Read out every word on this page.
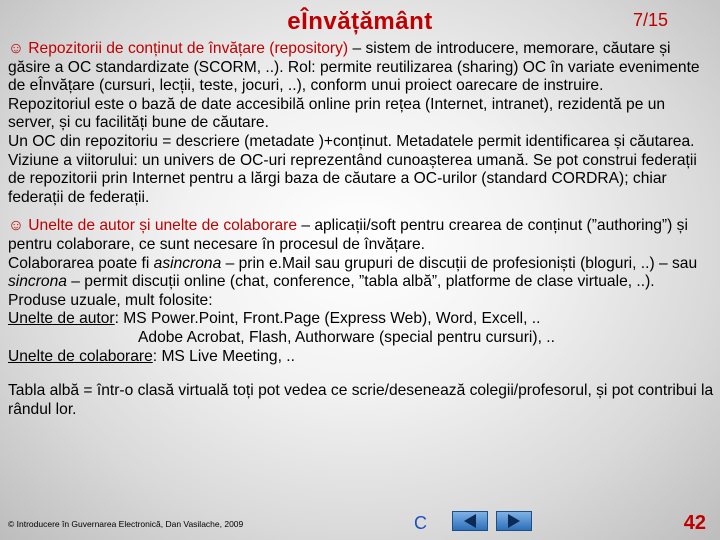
eÎnvățământ	7/15

☺ Repozitorii de conținut de învățare (repository) – sistem de introducere, memorare, căutare și găsire a OC standardizate (SCORM, ..). Rol: permite reutilizarea (sharing) OC în variate evenimente de eÎnvățare (cursuri, lecții, teste, jocuri, ..), conform unui proiect oarecare de instruire.

Repozitoriul este o bază de date accesibilă online prin rețea (Internet, intranet), rezidentă pe un server, și cu facilități bune de căutare.

Un OC din repozitoriu = descriere (metadate )+conținut. Metadatele permit identificarea și căutarea. Viziune a viitorului: un univers de OC-uri reprezentând cunoașterea umană. Se pot construi federații de repozitorii prin Internet pentru a lărgi baza de căutare a OC-urilor (standard CORDRA); chiar federații de federații.

☺ Unelte de autor și unelte de colaborare – aplicații/soft pentru crearea de conținut (”authoring”) și pentru colaborare, ce sunt necesare în procesul de învățare.

Colaborarea poate fi asincrona – prin e.Mail sau grupuri de discuții de profesioniști (bloguri, ..) – sau sincrona – permit discuții online (chat, conference, ”tabla albă”, platforme de clase virtuale, ..). Produse uzuale, mult folosite:

Unelte de autor: MS Power.Point, Front.Page (Express Web), Word, Excell, ..

Adobe Acrobat, Flash, Authorware (special pentru cursuri), ..

Unelte de colaborare: MS Live Meeting, ..

Tabla albă = într-o clasă virtuală toți pot vedea ce scrie/desenează colegii/profesorul, și pot contribui la rândul lor.

© Introducere în Guvernarea Electronică, Dan Vasilache, 2009	C	42
